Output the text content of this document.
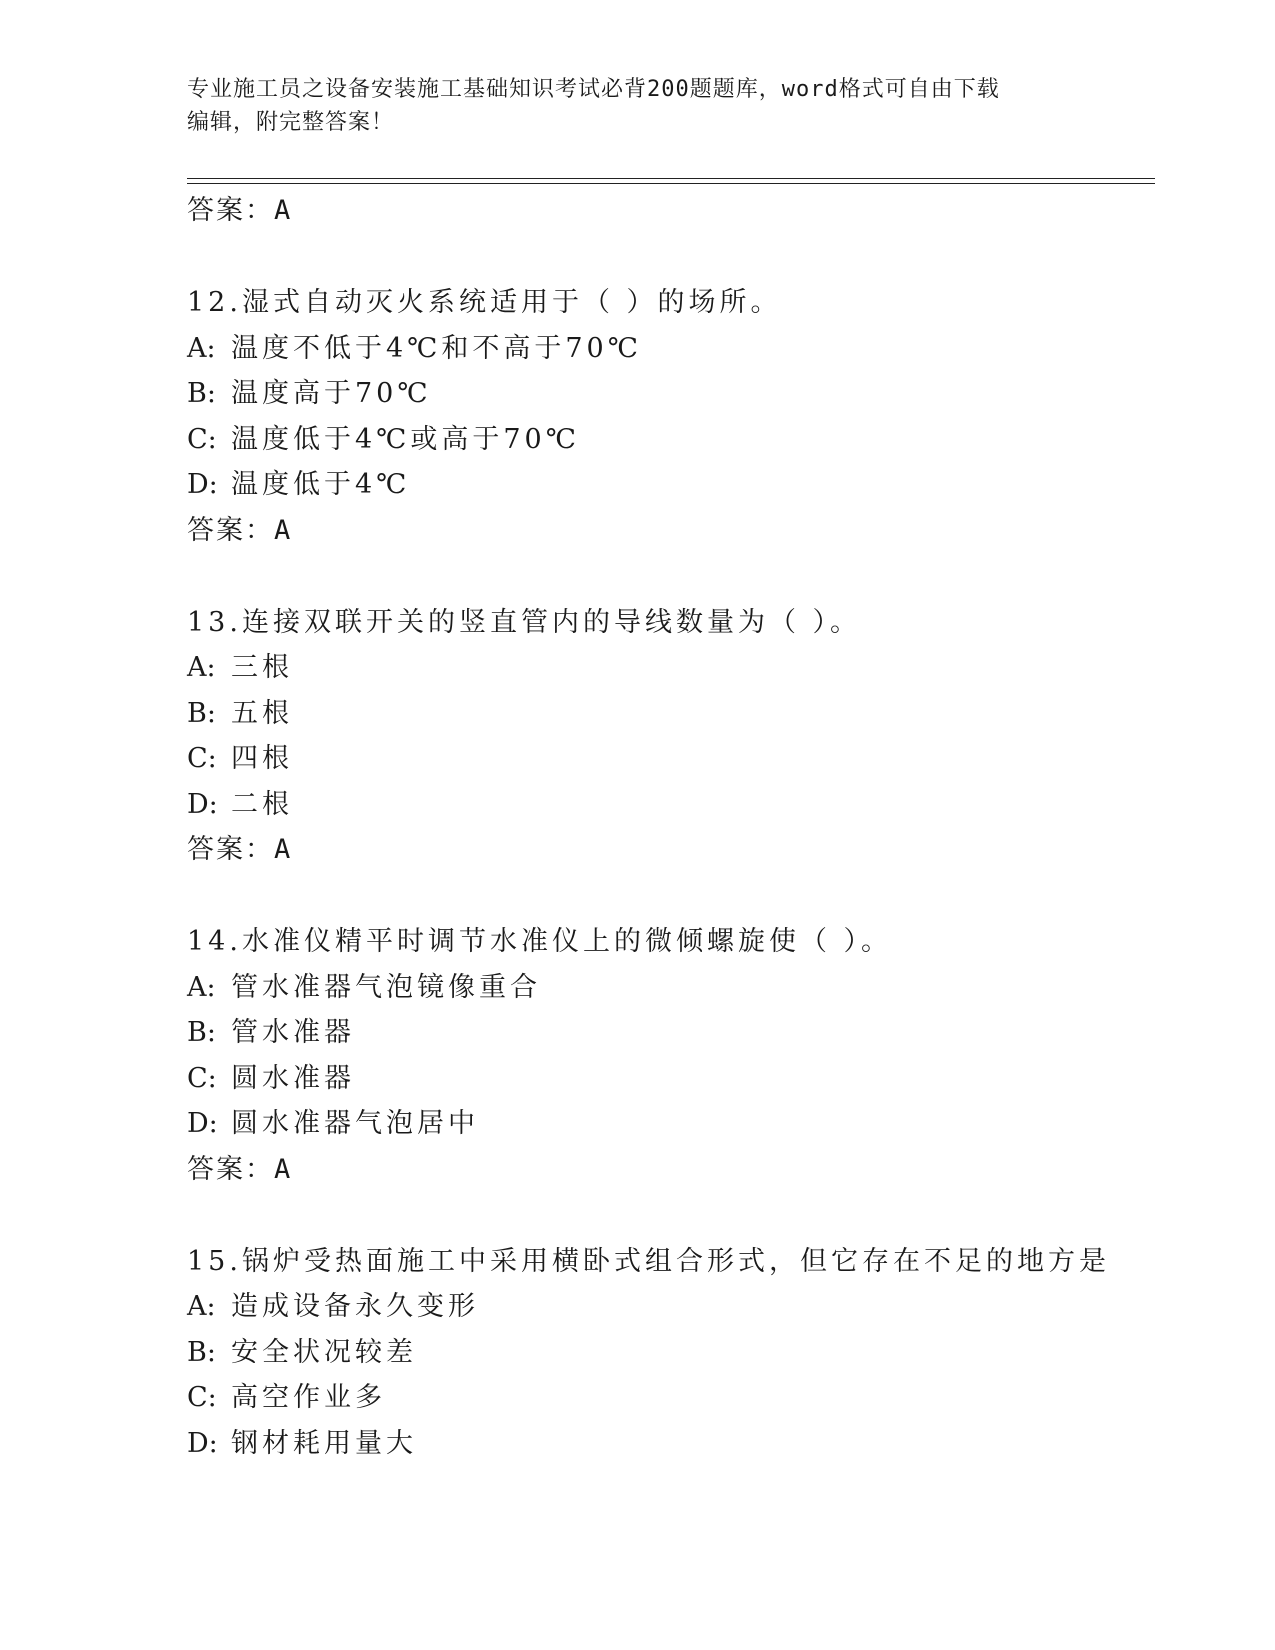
专业施工员之设备安装施工基础知识考试必背200题题库，word格式可自由下载
编辑，附完整答案！
答案：A
12.湿式自动灭火系统适用于（ ）的场所。
A: 温度不低于4℃和不高于70℃
B: 温度高于70℃
C: 温度低于4℃或高于70℃
D: 温度低于4℃
答案：A
13.连接双联开关的竖直管内的导线数量为（ ）。
A: 三根
B: 五根
C: 四根
D: 二根
答案：A
14.水准仪精平时调节水准仪上的微倾螺旋使（ ）。
A: 管水准器气泡镜像重合
B: 管水准器
C: 圆水准器
D: 圆水准器气泡居中
答案：A
15.锅炉受热面施工中采用横卧式组合形式，但它存在不足的地方是
A: 造成设备永久变形
B: 安全状况较差
C: 高空作业多
D: 钢材耗用量大
